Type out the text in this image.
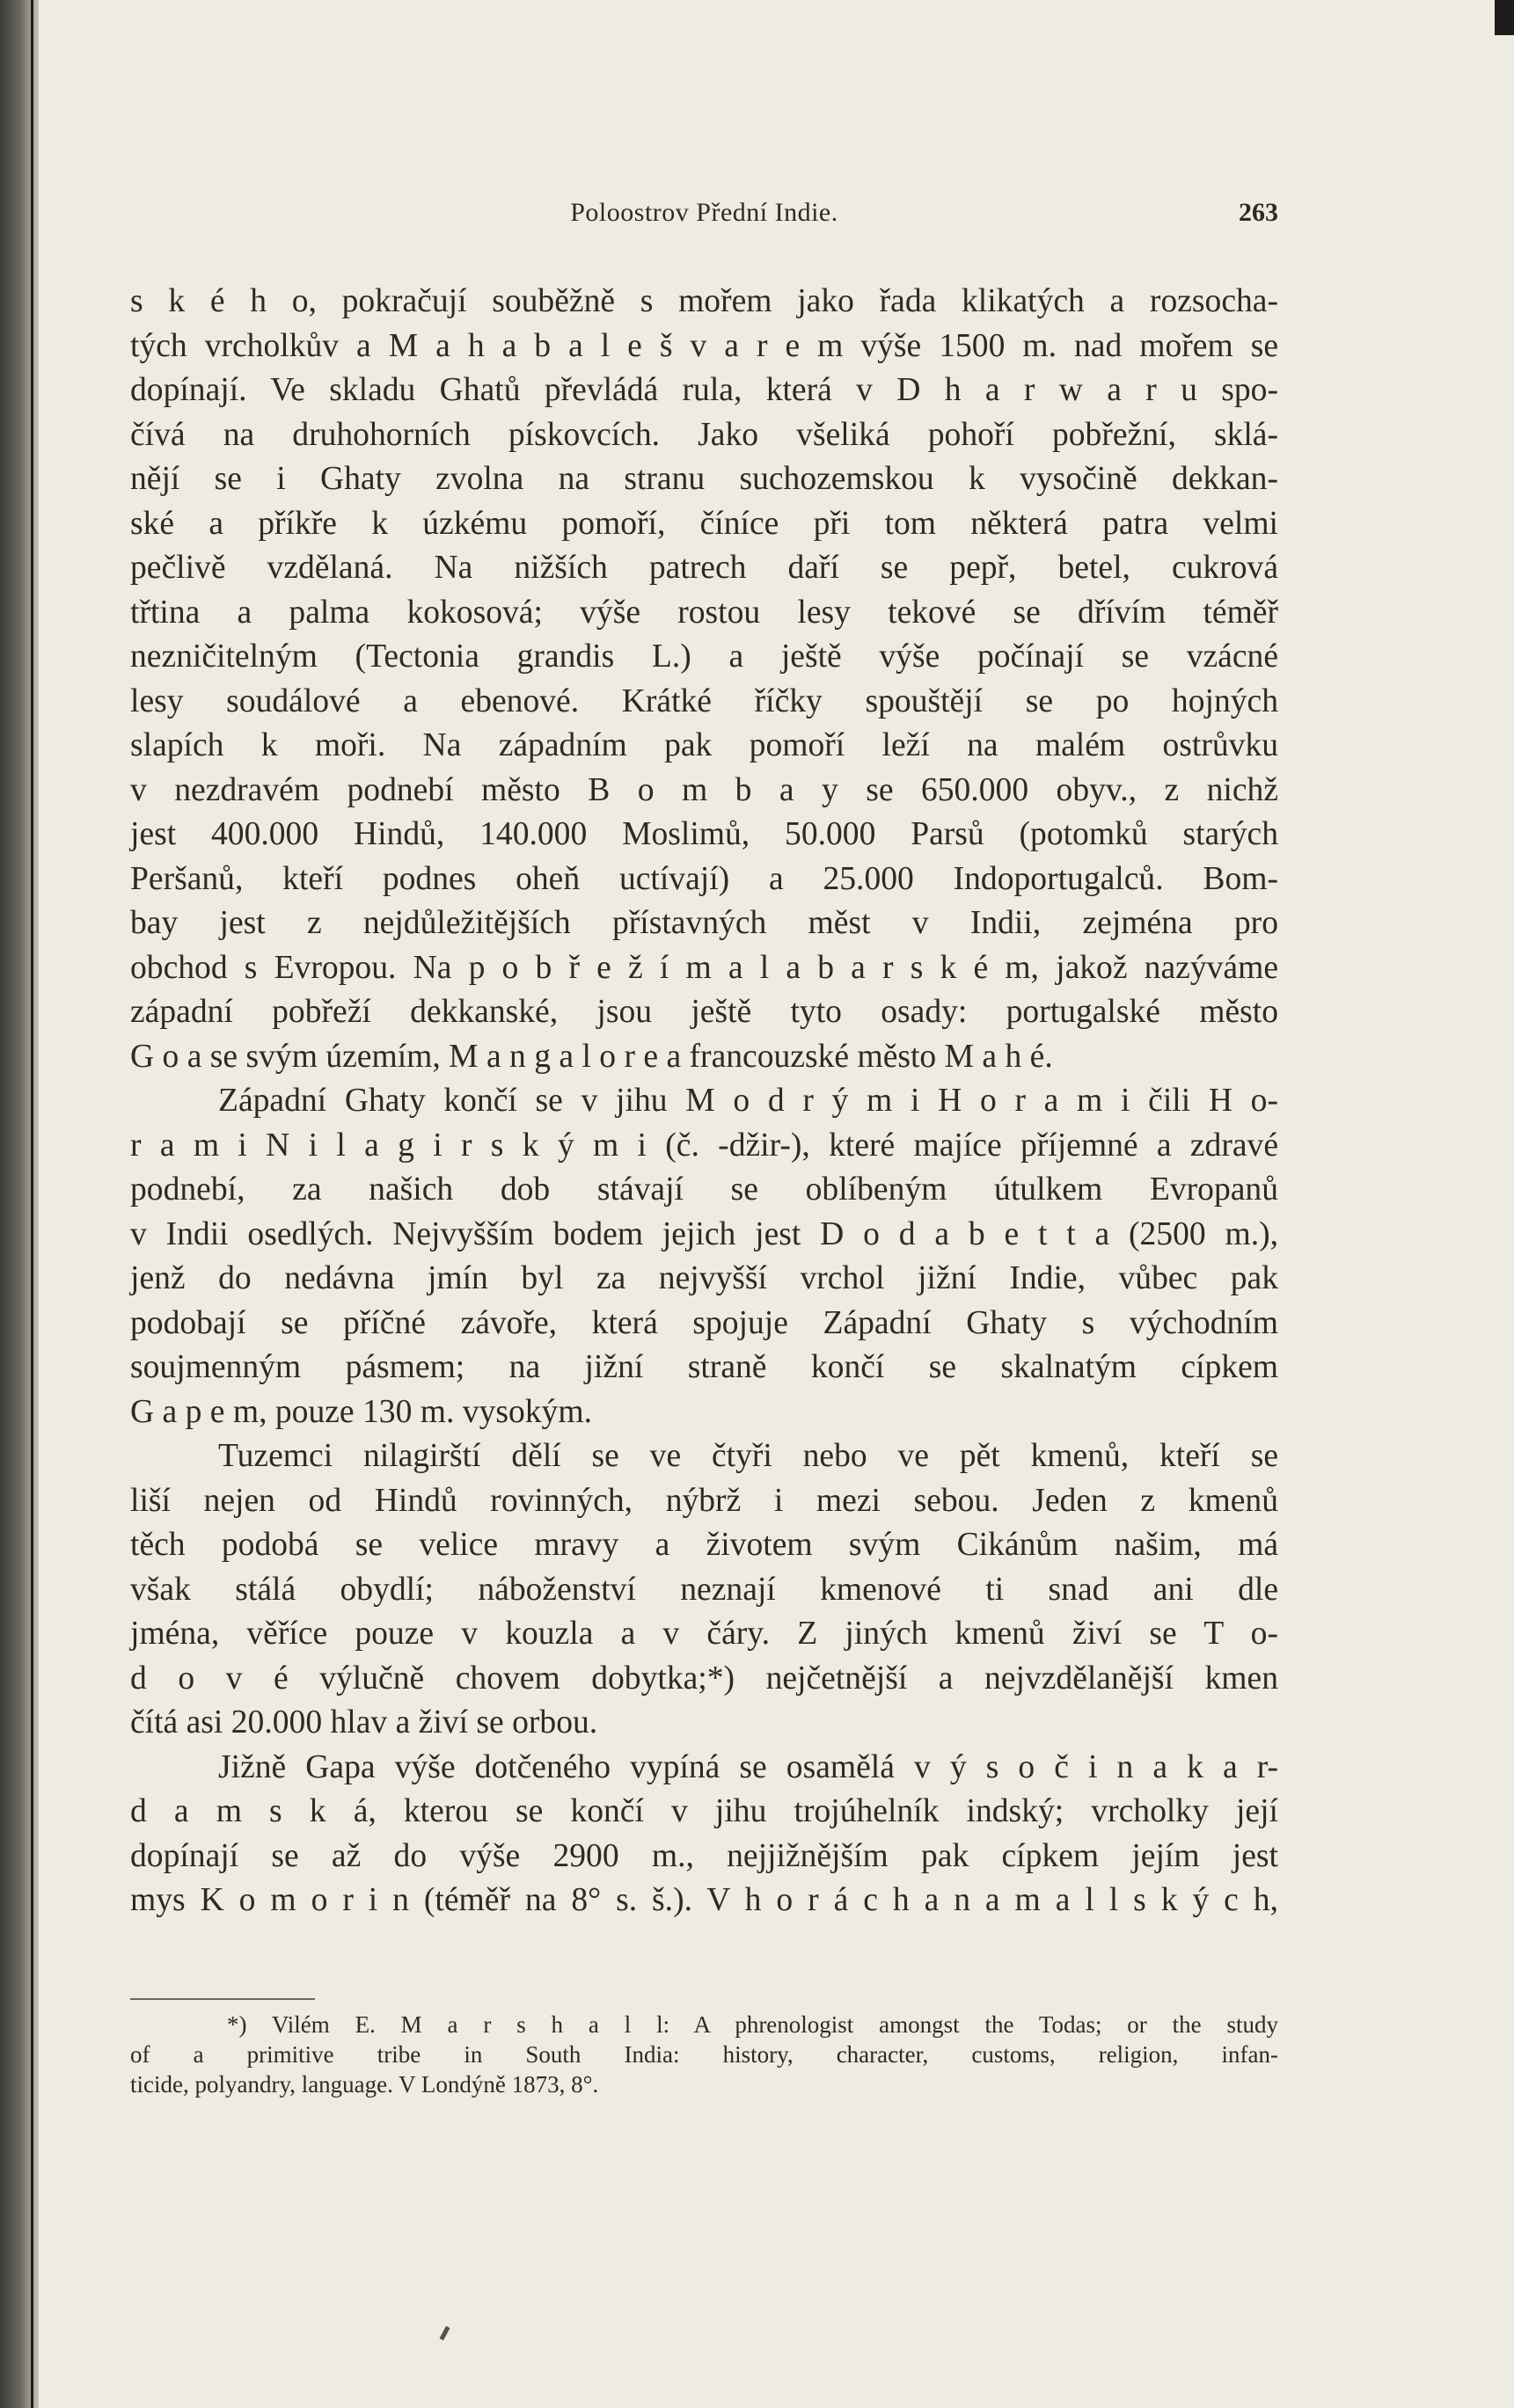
Poloostrov Přední Indie.	263
s k é h o, pokračují souběžně s mořem jako řada klikatých a rozsocha-
tých vrcholkův a M a h a b a l e š v a r e m výše 1500 m. nad mořem se
dopínají. Ve skladu Ghatů převládá rula, která v D h a r w a r u spo-
čívá na druhohorních pískovcích. Jako všeliká pohoří pobřežní, sklá-
nějí se i Ghaty zvolna na stranu suchozemskou k vysočině dekkan-
ské a příkře k úzkému pomoří, číníce při tom některá patra velmi
pečlivě vzdělaná. Na nižších patrech daří se pepř, betel, cukrová
třtina a palma kokosová; výše rostou lesy tekové se dřívím téměř
nezničitelným (Tectonia grandis L.) a ještě výše počínají se vzácné
lesy soudálové a ebenové. Krátké říčky spouštějí se po hojných
slapích k moři. Na západním pak pomoří leží na malém ostrůvku
v nezdravém podnebí město B o m b a y se 650.000 obyv., z nichž
jest 400.000 Hindů, 140.000 Moslimů, 50.000 Parsů (potomků starých
Peršanů, kteří podnes oheň uctívají) a 25.000 Indoportugalců. Bom-
bay jest z nejdůležitějších přístavných měst v Indii, zejména pro
obchod s Evropou. Na p o b ř e ž í m a l a b a r s k é m, jakož nazýváme
západní pobřeží dekkanské, jsou ještě tyto osady: portugalské město
G o a se svým územím, M a n g a l o r e a francouzské město M a h é.
Západní Ghaty končí se v jihu M o d r ý m i H o r a m i čili H o-
r a m i N i l a g i r s k ý m i (č. -džir-), které majíce příjemné a zdravé
podnebí, za našich dob stávají se oblíbeným útulkem Evropanů
v Indii osedlých. Nejvyšším bodem jejich jest D o d a b e t t a (2500 m.),
jenž do nedávna jmín byl za nejvyšší vrchol jižní Indie, vůbec pak
podobají se příčné závoře, která spojuje Západní Ghaty s východním
soujmenným pásmem; na jižní straně končí se skalnatým cípkem
G a p e m, pouze 130 m. vysokým.
Tuzemci nilagirští dělí se ve čtyři nebo ve pět kmenů, kteří se
liší nejen od Hindů rovinných, nýbrž i mezi sebou. Jeden z kmenů
těch podobá se velice mravy a životem svým Cikánům našim, má
však stálá obydlí; náboženství neznají kmenové ti snad ani dle
jména, věříce pouze v kouzla a v čáry. Z jiných kmenů živí se T o-
d o v é výlučně chovem dobytka;*) nejčetnější a nejvzdělanější kmen
čítá asi 20.000 hlav a živí se orbou.
Jižně Gapa výše dotčeného vypíná se osamělá v ý s o č i n a k a r-
d a m s k á, kterou se končí v jihu trojúhelník indský; vrcholky její
dopínají se až do výše 2900 m., nejjižnějším pak cípkem jejím jest
mys K o m o r i n (téměř na 8° s. š.). V h o r á c h a n a m a l l s k ý c h,
*) Vilém E. M a r s h a l l: A phrenologist amongst the Todas; or the study
of a primitive tribe in South India: history, character, customs, religion, infan-
ticide, polyandry, language. V Londýně 1873, 8°.
